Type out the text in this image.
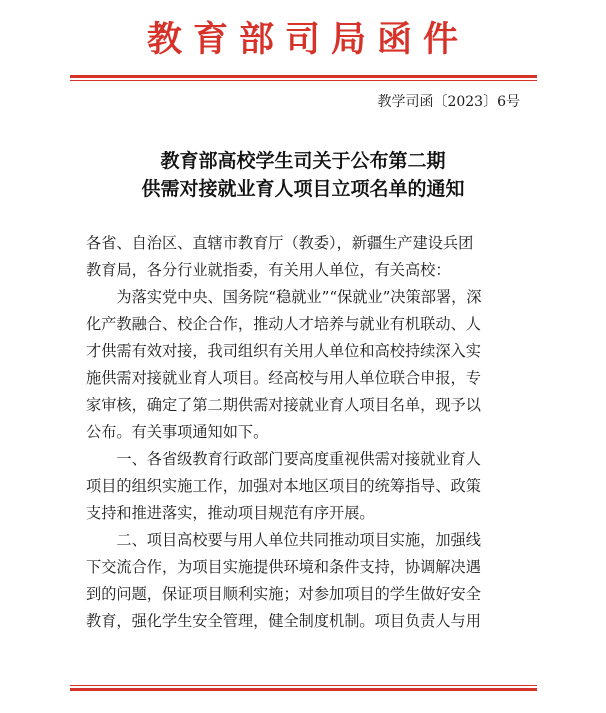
教育部司局函件
教学司函〔2023〕6号
教育部高校学生司关于公布第二期
供需对接就业育人项目立项名单的通知
各省、自治区、直辖市教育厅（教委），新疆生产建设兵团
教育局，各分行业就指委，有关用人单位，有关高校：
　　为落实党中央、国务院“稳就业”“保就业”决策部署，深
化产教融合、校企合作，推动人才培养与就业有机联动、人
才供需有效对接，我司组织有关用人单位和高校持续深入实
施供需对接就业育人项目。经高校与用人单位联合申报，专
家审核，确定了第二期供需对接就业育人项目名单，现予以
公布。有关事项通知如下。
　　一、各省级教育行政部门要高度重视供需对接就业育人
项目的组织实施工作，加强对本地区项目的统筹指导、政策
支持和推进落实，推动项目规范有序开展。
　　二、项目高校要与用人单位共同推动项目实施，加强线
下交流合作，为项目实施提供环境和条件支持，协调解决遇
到的问题，保证项目顺利实施；对参加项目的学生做好安全
教育，强化学生安全管理，健全制度机制。项目负责人与用
